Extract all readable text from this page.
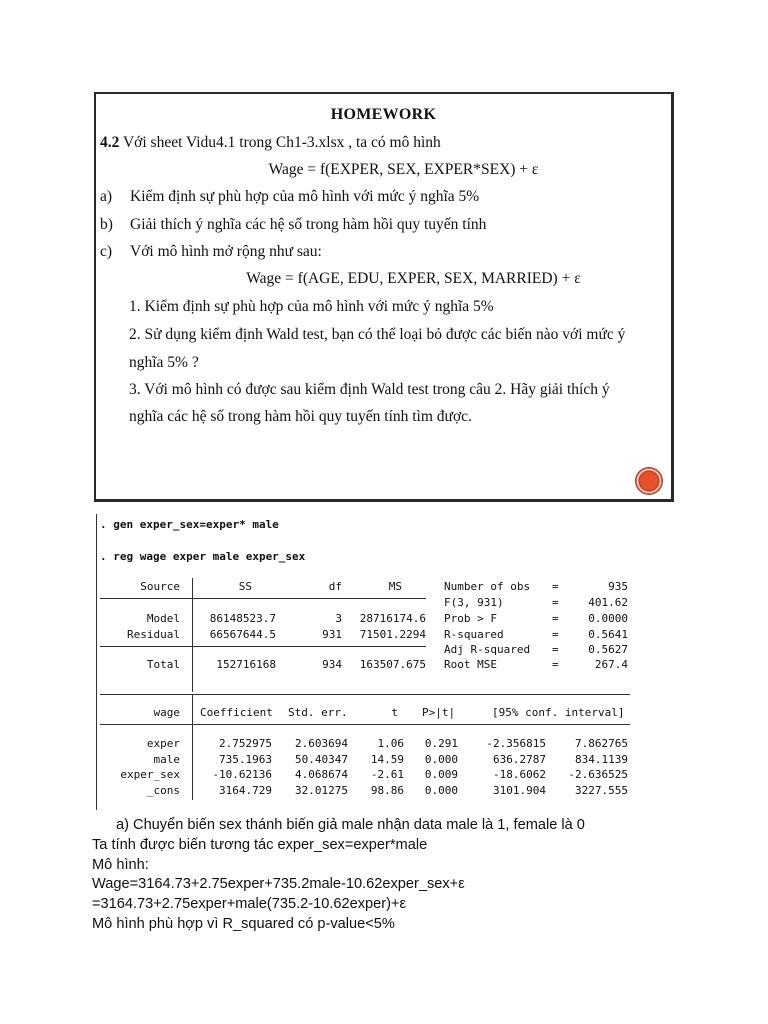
HOMEWORK
4.2 Với sheet Vidu4.1 trong Ch1-3.xlsx , ta có mô hình
Wage = f(EXPER, SEX, EXPER*SEX) + ε
a) Kiểm định sự phù hợp của mô hình với mức ý nghĩa 5%
b) Giải thích ý nghĩa các hệ số trong hàm hồi quy tuyến tính
c) Với mô hình mở rộng như sau:
Wage = f(AGE, EDU, EXPER, SEX, MARRIED) + ε
1. Kiểm định sự phù hợp của mô hình với mức ý nghĩa 5%
2. Sử dụng kiểm định Wald test, bạn có thể loại bỏ được các biến nào với mức ý
nghĩa 5% ?
3. Với mô hình có được sau kiểm định Wald test trong câu 2. Hãy giải thích ý
nghĩa các hệ số trong hàm hồi quy tuyến tính tìm được.
. gen exper_sex=exper* male
. reg wage exper male exper_sex
Source	SS	df	MS
Model	86148523.7	3	28716174.6
Residual	66567644.5	931	71501.2294
Total	152716168	934	163507.675
Number of obs =	935
F(3, 931)	=	401.62
Prob > F	=	0.0000
R-squared	=	0.5641
Adj R-squared =	0.5627
Root MSE	=	267.4
wage Coefficient Std. err.	t P>|t|	[95% conf. interval]
exper	2.752975	2.603694	1.06	0.291	-2.356815	7.862765
male	735.1963	50.40347	14.59	0.000	636.2787	834.1139
exper_sex	-10.62136	4.068674	-2.61	0.009	-18.6062	-2.636525
_cons	3164.729	32.01275	98.86	0.000	3101.904	3227.555
a) Chuyển biến sex thánh biến giả male nhận data male là 1, female là 0
Ta tính được biến tương tác exper_sex=exper*male
Mô hình:
Wage=3164.73+2.75exper+735.2male-10.62exper_sex+ε
=3164.73+2.75exper+male(735.2-10.62exper)+ε
Mô hình phù hợp vì R_squared có p-value<5%
